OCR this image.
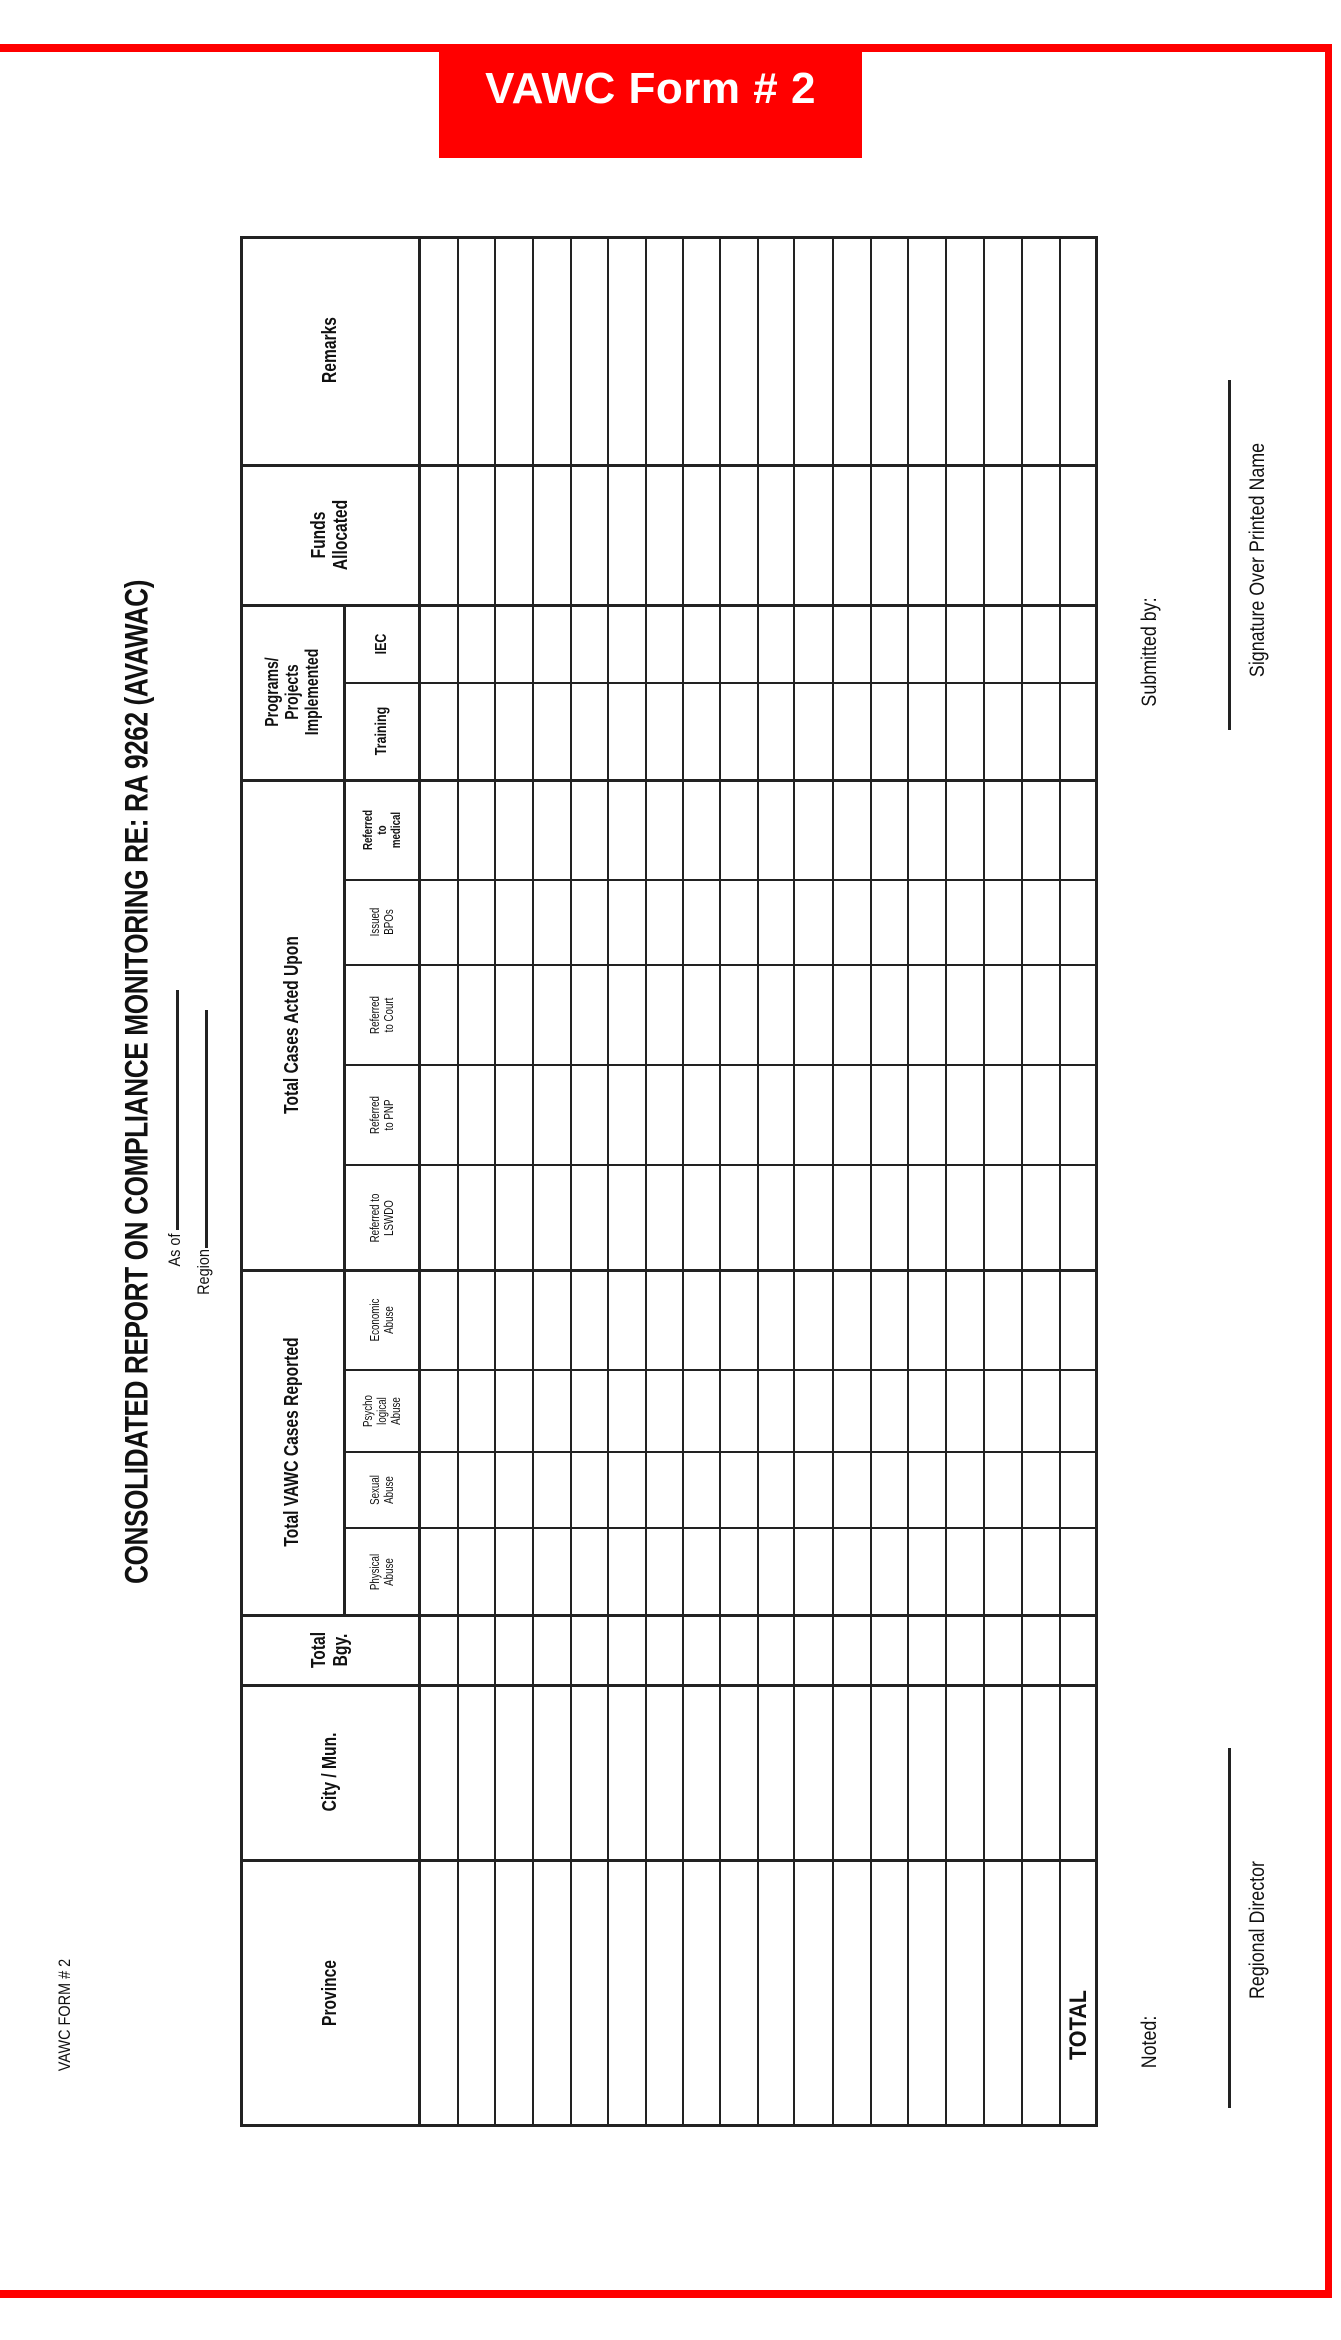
VAWC Form # 2
VAWC FORM # 2
CONSOLIDATED REPORT ON COMPLIANCE MONITORING RE: RA 9262 (AVAWAC) As of Region
Remarks
Funds Allocated
Programs/ Projects Implemented
Total Cases Acted Upon
Total VAWC Cases Reported
Total Bgy.
City / Mun.
Province
IEC
Training
Referred to medical
Issued BPOs
Referred to Court
Referred to PNP
Referred to LSWDO
Economic Abuse
Psycho logical Abuse
Sexual Abuse
Physical Abuse
TOTAL Noted:
Regional Director
Submitted by:	Signature Over Printed Name
